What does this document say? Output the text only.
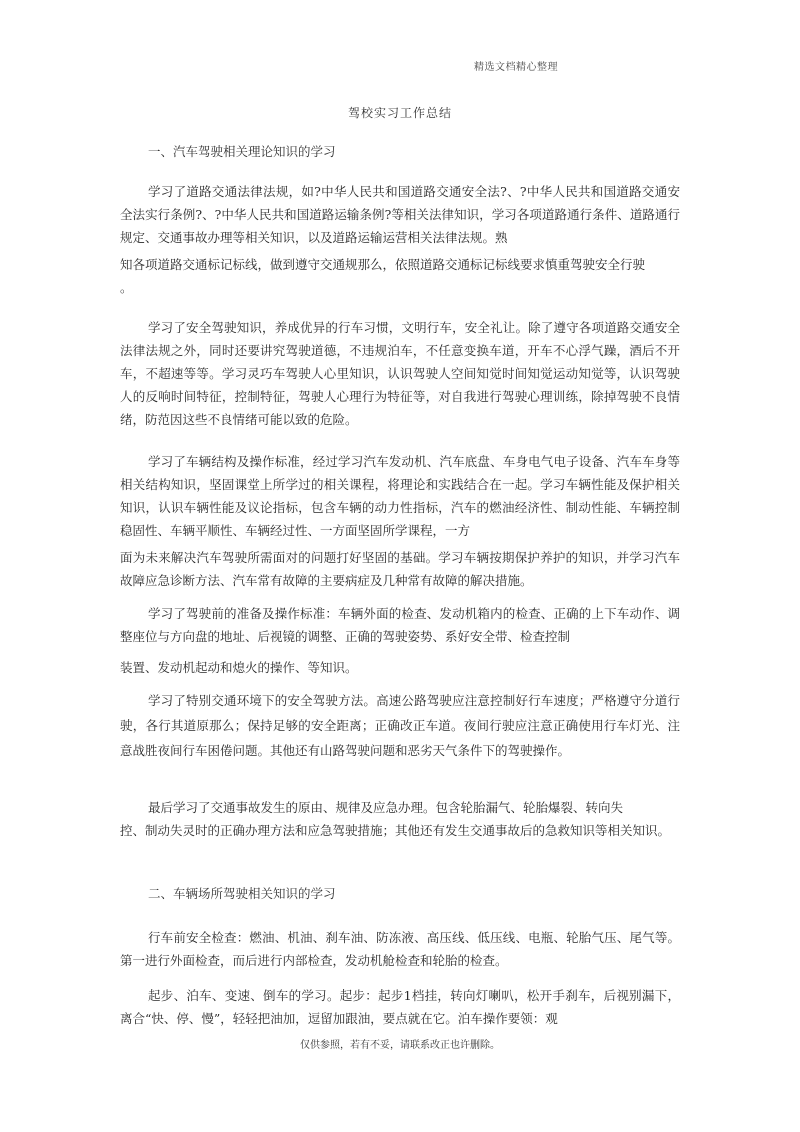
精选文档精心整理
驾校实习工作总结
一、汽车驾驶相关理论知识的学习

学习了道路交通法律法规，如?中华人民共和国道路交通安全法?、?中华人民共和国道路交通安全法实行条例?、?中华人民共和国道路运输条例?等相关法律知识，学习各项道路通行条件、道路通行规定、交通事故办理等相关知识，以及道路运输运营相关法律法规。熟

知各项道路交通标记标线，做到遵守交通规那么，依照道路交通标记标线要求慎重驾驶安全行驶

。

学习了安全驾驶知识，养成优异的行车习惯，文明行车，安全礼让。除了遵守各项道路交通安全法律法规之外，同时还要讲究驾驶道德，不违规泊车，不任意变换车道，开车不心浮气躁，酒后不开车，不超速等等。学习灵巧车驾驶人心里知识，认识驾驶人空间知觉时间知觉运动知觉等，认识驾驶人的反响时间特征，控制特征，驾驶人心理行为特征等，对自我进行驾驶心理训练，除掉驾驶不良情绪，防范因这些不良情绪可能以致的危险。

学习了车辆结构及操作标准，经过学习汽车发动机、汽车底盘、车身电气电子设备、汽车车身等相关结构知识，坚固课堂上所学过的相关课程，将理论和实践结合在一起。学习车辆性能及保护相关知识，认识车辆性能及议论指标，包含车辆的动力性指标，汽车的燃油经济性、制动性能、车辆控制稳固性、车辆平顺性、车辆经过性、一方面坚固所学课程，一方

面为未来解决汽车驾驶所需面对的问题打好坚固的基础。学习车辆按期保护养护的知识，并学习汽车故障应急诊断方法、汽车常有故障的主要病症及几种常有故障的解决措施。

学习了驾驶前的准备及操作标准：车辆外面的检查、发动机箱内的检查、正确的上下车动作、调整座位与方向盘的地址、后视镜的调整、正确的驾驶姿势、系好安全带、检查控制

装置、发动机起动和熄火的操作、等知识。

学习了特别交通环境下的安全驾驶方法。高速公路驾驶应注意控制好行车速度；严格遵守分道行驶，各行其道原那么；保持足够的安全距离；正确改正车道。夜间行驶应注意正确使用行车灯光、注意战胜夜间行车困倦问题。其他还有山路驾驶问题和恶劣天气条件下的驾驶操作。

最后学习了交通事故发生的原由、规律及应急办理。包含轮胎漏气、轮胎爆裂、转向失

控、制动失灵时的正确办理方法和应急驾驶措施；其他还有发生交通事故后的急救知识等相关知识。

二、车辆场所驾驶相关知识的学习

行车前安全检查：燃油、机油、刹车油、防冻液、高压线、低压线、电瓶、轮胎气压、尾气等。第一进行外面检查，而后进行内部检查，发动机舱检查和轮胎的检查。

起步、泊车、变速、倒车的学习。起步：起步1档挂，转向灯喇叭，松开手刹车，后视别漏下，离合“快、停、慢”，轻轻把油加，逗留加跟油，要点就在它。泊车操作要领：观

仅供参照，若有不妥，请联系改正也许删除。
